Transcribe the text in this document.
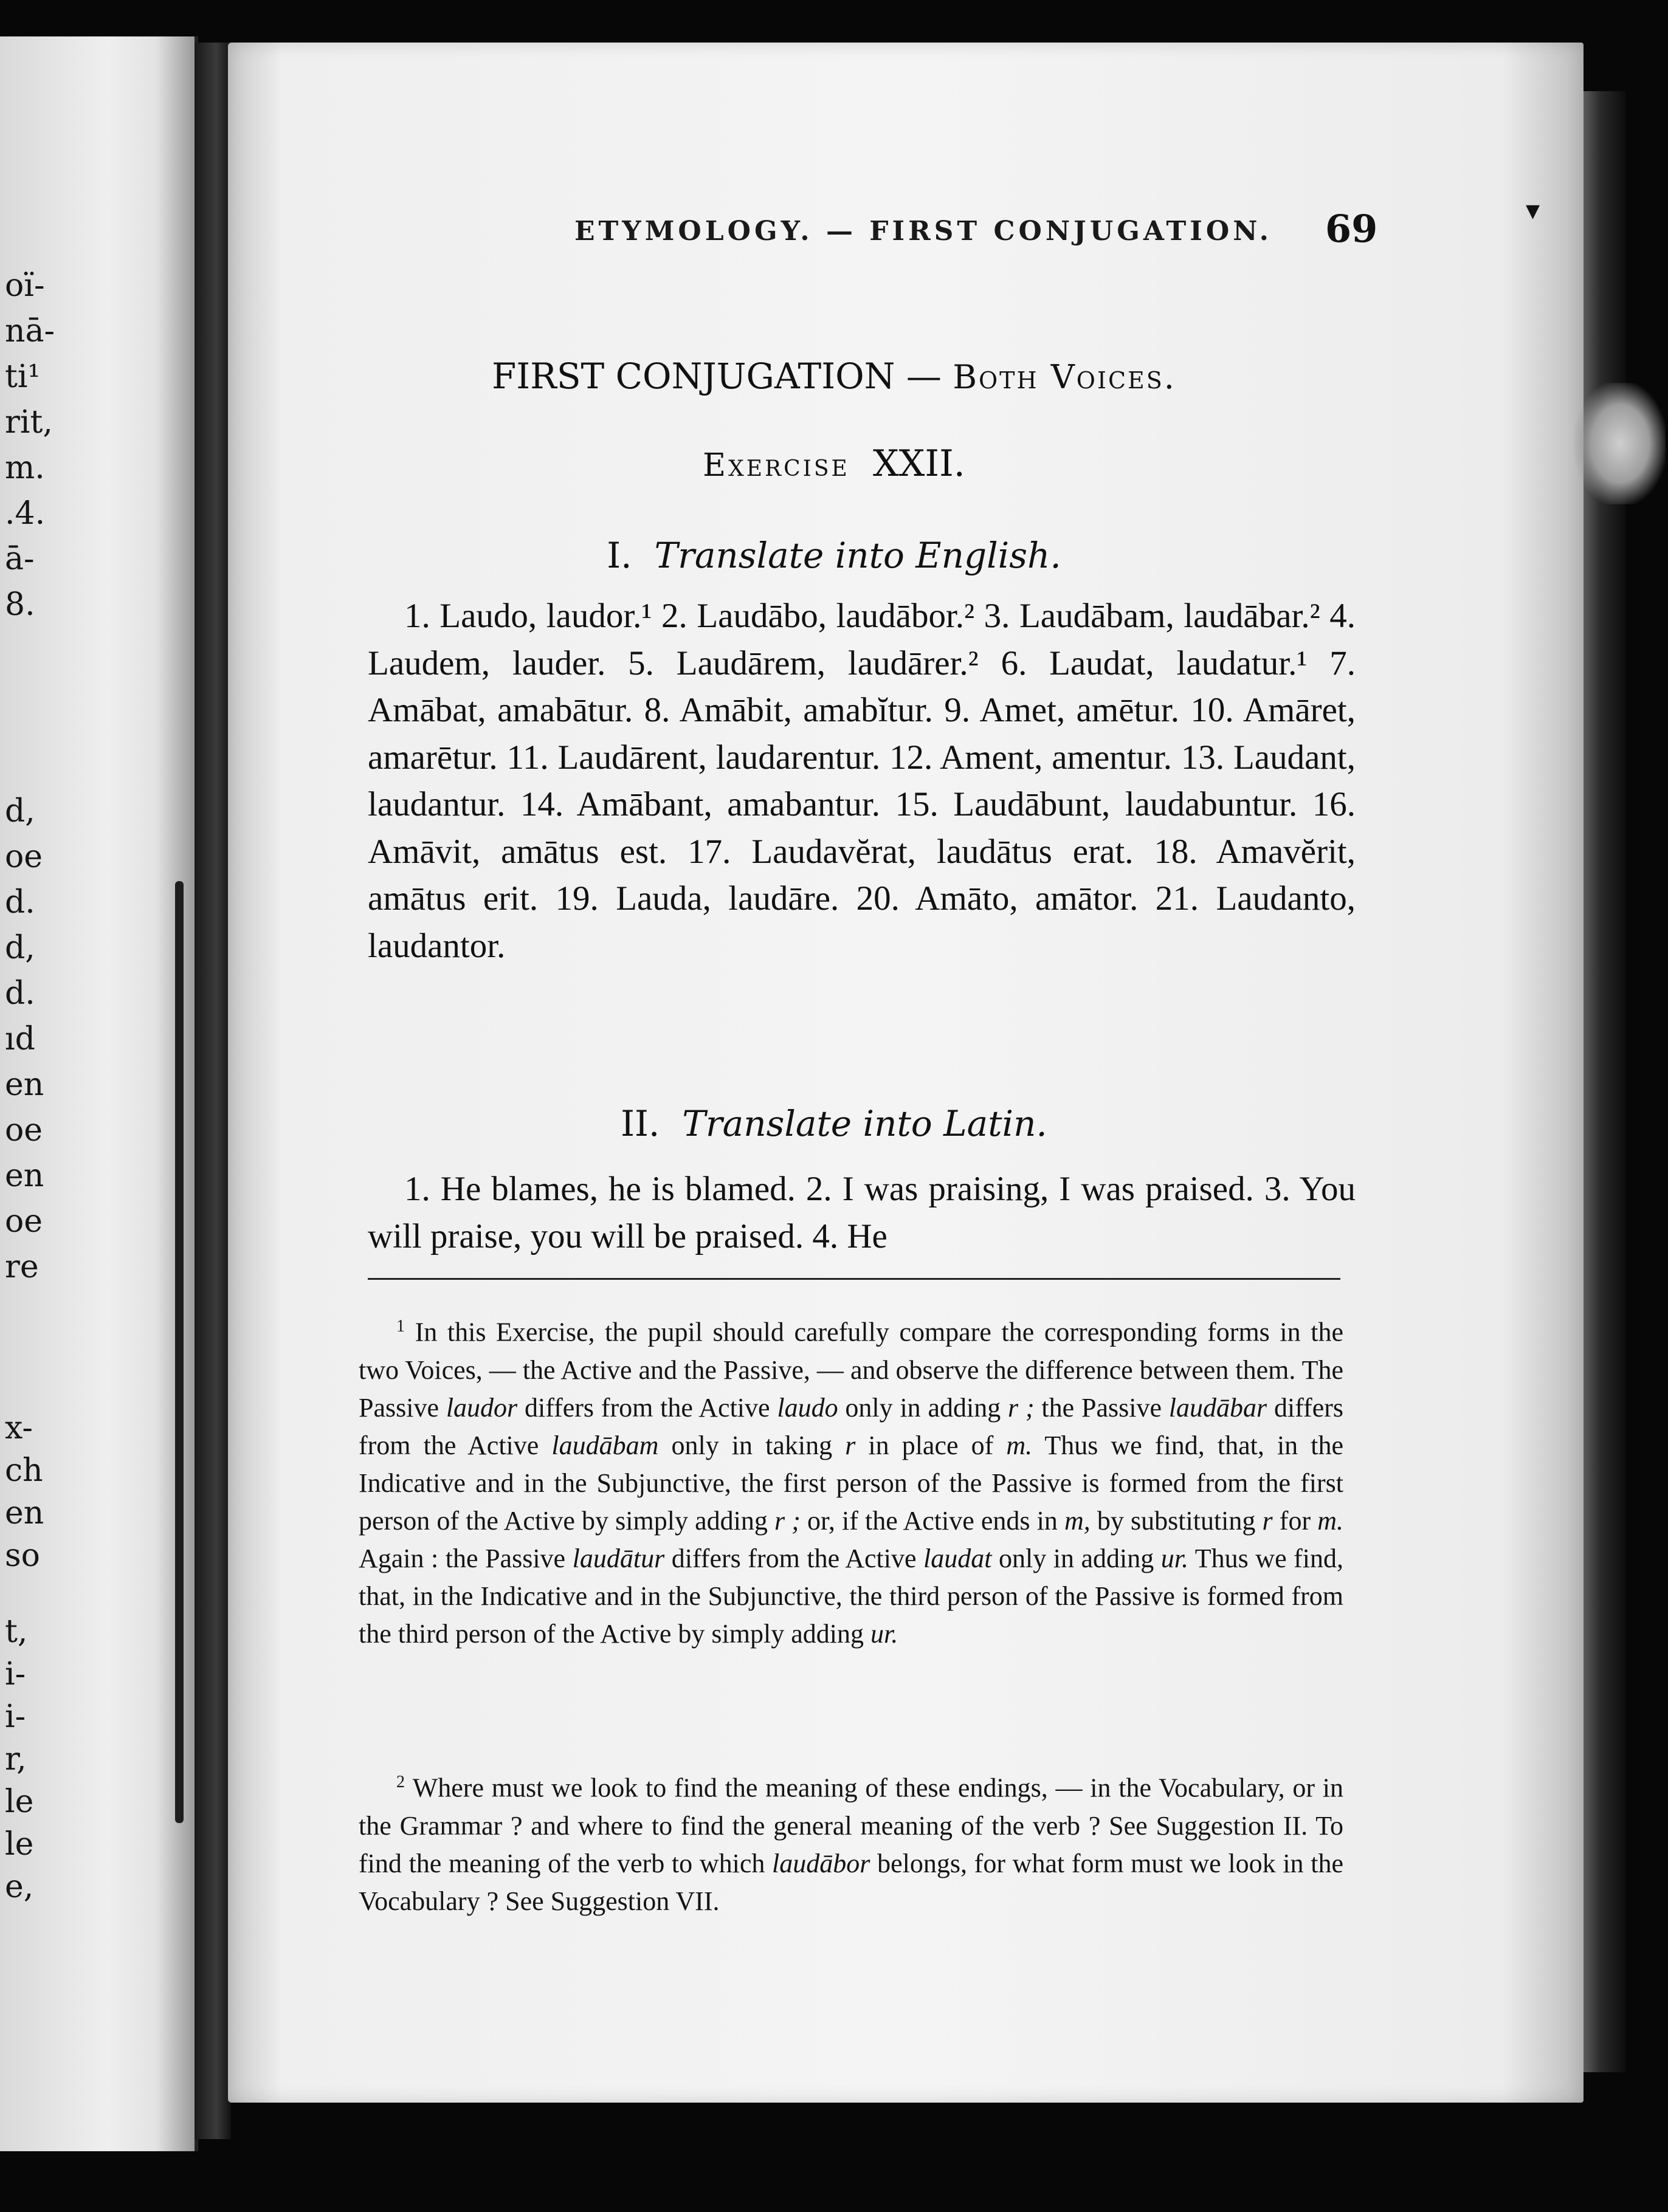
oï-
nā-
ti¹
rit,
m.
.4.
ā-
8.
d,
oe
d.
d,
d.
ıd
en
oe
en
oe
re
x-
ch
en
so
t,
i-
i-
r,
le
le
e,
▼
ETYMOLOGY. — FIRST CONJUGATION. 69
FIRST CONJUGATION — Both Voices.
Exercise XXII.
I. Translate into English.
1. Laudo, laudor.¹ 2. Laudābo, laudābor.² 3. Laudābam, laudābar.² 4. Laudem, lauder. 5. Laudārem, laudārer.² 6. Laudat, laudatur.¹ 7. Amābat, amabātur. 8. Amābit, amabĭtur. 9. Amet, amētur. 10. Amāret, amarētur. 11. Laudārent, laudarentur. 12. Ament, amentur. 13. Laudant, laudantur. 14. Amābant, amabantur. 15. Laudābunt, laudabuntur. 16. Amāvit, amātus est. 17. Laudavĕrat, laudātus erat. 18. Amavĕrit, amātus erit. 19. Lauda, laudāre. 20. Amāto, amātor. 21. Laudanto, laudantor.
II. Translate into Latin.
1. He blames, he is blamed. 2. I was praising, I was praised. 3. You will praise, you will be praised. 4. He
$^1$ In this Exercise, the pupil should carefully compare the corresponding forms in the two Voices, — the Active and the Passive, — and observe the difference between them. The Passive laudor differs from the Active laudo only in adding r ; the Passive laudābar differs from the Active laudābam only in taking r in place of m. Thus we find, that, in the Indicative and in the Subjunctive, the first person of the Passive is formed from the first person of the Active by simply adding r ; or, if the Active ends in m, by substituting r for m. Again : the Passive laudātur differs from the Active laudat only in adding ur. Thus we find, that, in the Indicative and in the Subjunctive, the third person of the Passive is formed from the third person of the Active by simply adding ur.
$^2$ Where must we look to find the meaning of these endings, — in the Vocabulary, or in the Grammar ? and where to find the general meaning of the verb ? See Suggestion II. To find the meaning of the verb to which laudābor belongs, for what form must we look in the Vocabulary ? See Suggestion VII.
